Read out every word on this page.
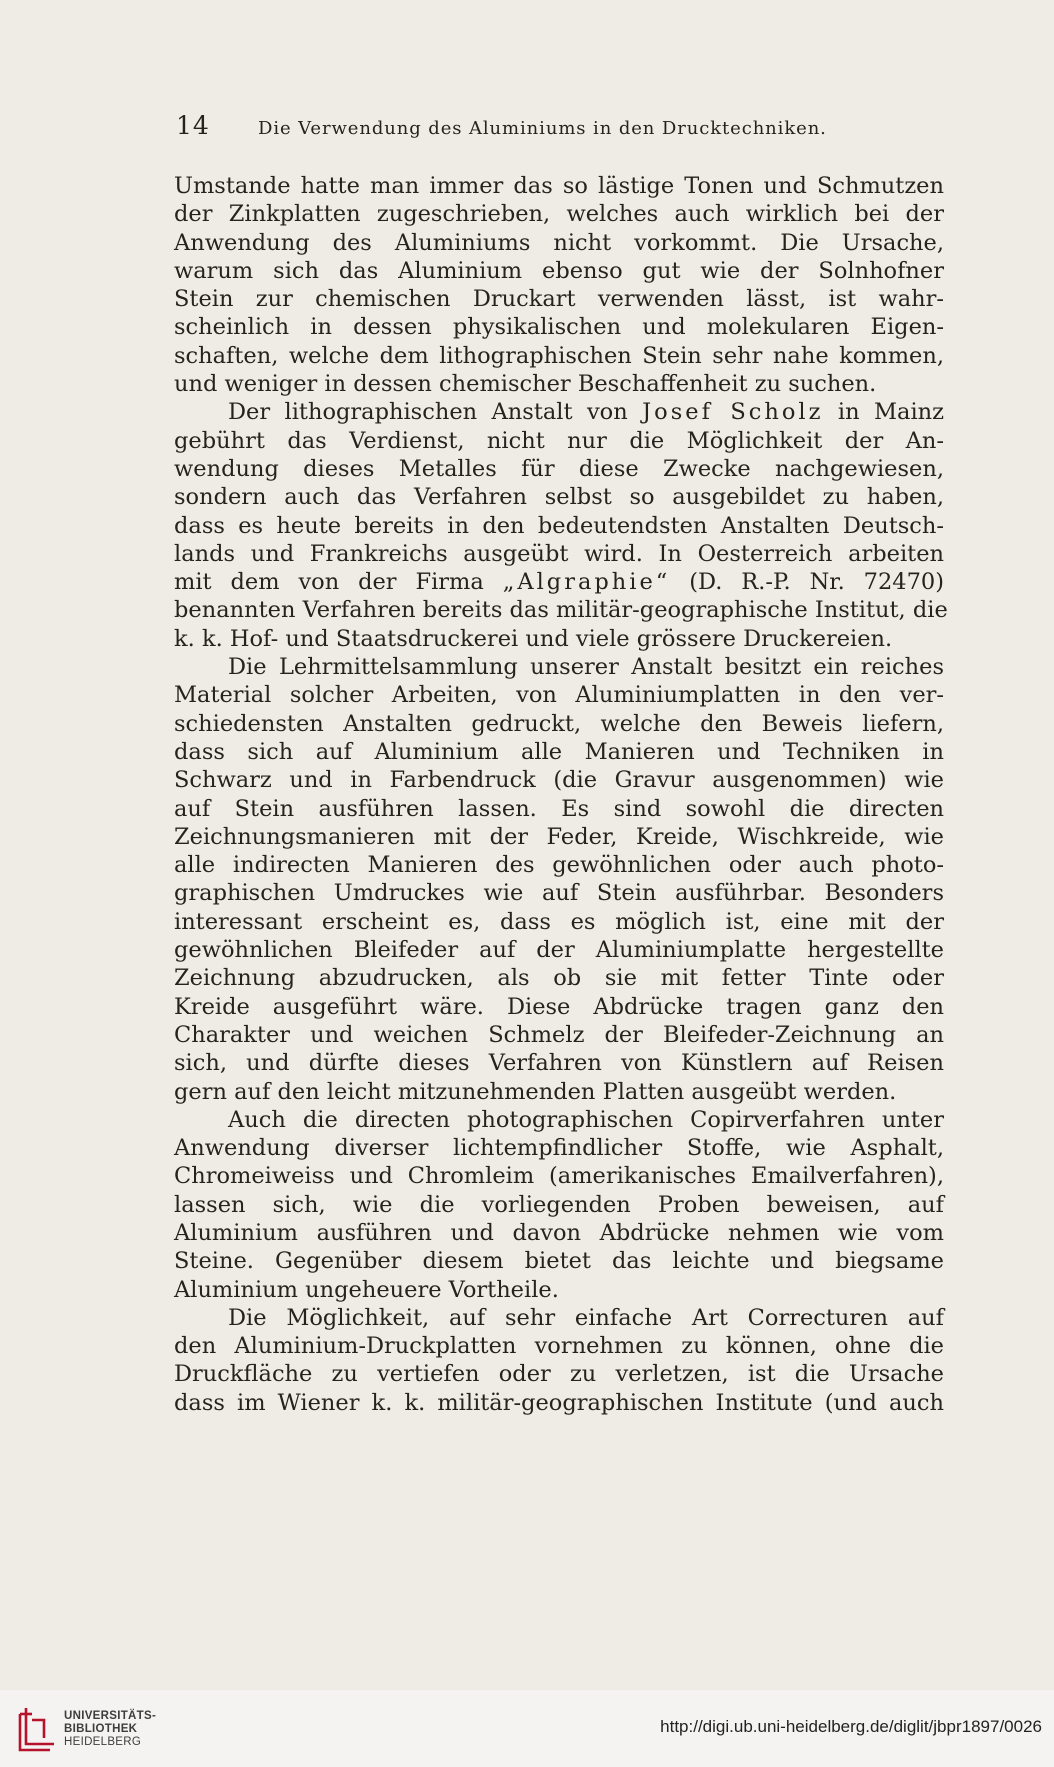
14	Die Verwendung des Aluminiums in den Drucktechniken.
Umstande hatte man immer das so lästige Tonen und Schmutzen
der Zinkplatten zugeschrieben, welches auch wirklich bei der
Anwendung des Aluminiums nicht vorkommt. Die Ursache,
warum sich das Aluminium ebenso gut wie der Solnhofner
Stein zur chemischen Druckart verwenden lässt, ist wahr-
scheinlich in dessen physikalischen und molekularen Eigen-
schaften, welche dem lithographischen Stein sehr nahe kommen,
und weniger in dessen chemischer Beschaffenheit zu suchen.
Der lithographischen Anstalt von Josef Scholz in Mainz
gebührt das Verdienst, nicht nur die Möglichkeit der An-
wendung dieses Metalles für diese Zwecke nachgewiesen,
sondern auch das Verfahren selbst so ausgebildet zu haben,
dass es heute bereits in den bedeutendsten Anstalten Deutsch-
lands und Frankreichs ausgeübt wird. In Oesterreich arbeiten
mit dem von der Firma „Algraphie“ (D. R.-P. Nr. 72470)
benannten Verfahren bereits das militär-geographische Institut, die
k. k. Hof- und Staatsdruckerei und viele grössere Druckereien.
Die Lehrmittelsammlung unserer Anstalt besitzt ein reiches
Material solcher Arbeiten, von Aluminiumplatten in den ver-
schiedensten Anstalten gedruckt, welche den Beweis liefern,
dass sich auf Aluminium alle Manieren und Techniken in
Schwarz und in Farbendruck (die Gravur ausgenommen) wie
auf Stein ausführen lassen. Es sind sowohl die directen
Zeichnungsmanieren mit der Feder, Kreide, Wischkreide, wie
alle indirecten Manieren des gewöhnlichen oder auch photo-
graphischen Umdruckes wie auf Stein ausführbar. Besonders
interessant erscheint es, dass es möglich ist, eine mit der
gewöhnlichen Bleifeder auf der Aluminiumplatte hergestellte
Zeichnung abzudrucken, als ob sie mit fetter Tinte oder
Kreide ausgeführt wäre. Diese Abdrücke tragen ganz den
Charakter und weichen Schmelz der Bleifeder-Zeichnung an
sich, und dürfte dieses Verfahren von Künstlern auf Reisen
gern auf den leicht mitzunehmenden Platten ausgeübt werden.
Auch die directen photographischen Copirverfahren unter
Anwendung diverser lichtempfindlicher Stoffe, wie Asphalt,
Chromeiweiss und Chromleim (amerikanisches Emailverfahren),
lassen sich, wie die vorliegenden Proben beweisen, auf
Aluminium ausführen und davon Abdrücke nehmen wie vom
Steine. Gegenüber diesem bietet das leichte und biegsame
Aluminium ungeheuere Vortheile.
Die Möglichkeit, auf sehr einfache Art Correcturen auf
den Aluminium-Druckplatten vornehmen zu können, ohne die
Druckfläche zu vertiefen oder zu verletzen, ist die Ursache
dass im Wiener k. k. militär-geographischen Institute (und auch
UNIVERSITÄTS-
BIBLIOTHEK
HEIDELBERG
http://digi.ub.uni-heidelberg.de/diglit/jbpr1897/0026
